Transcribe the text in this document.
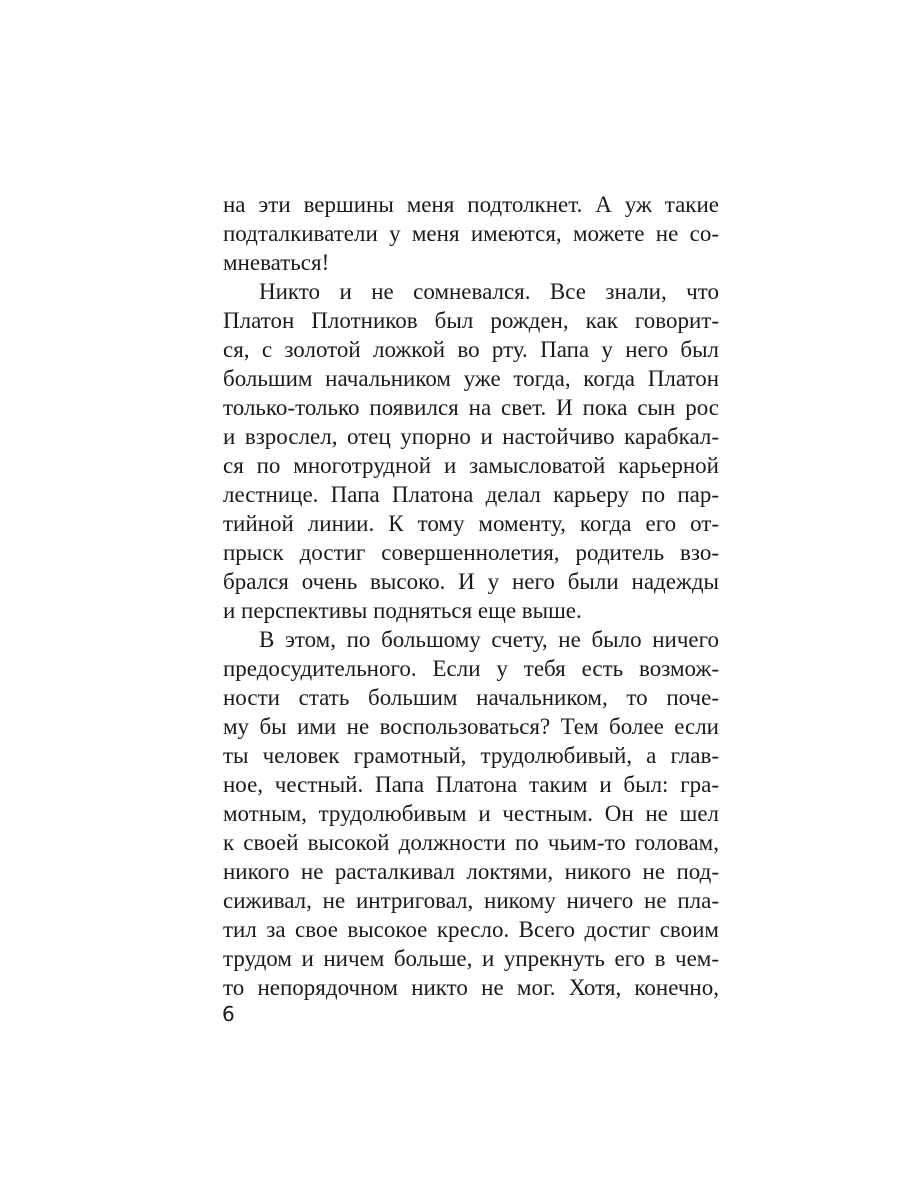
на эти вершины меня подтолкнет. А уж такие
подталкиватели у меня имеются, можете не со-
мневаться!
Никто и не сомневался. Все знали, что
Платон Плотников был рожден, как говорит-
ся, с золотой ложкой во рту. Папа у него был
большим начальником уже тогда, когда Платон
только-только появился на свет. И пока сын рос
и взрослел, отец упорно и настойчиво карабкал-
ся по многотрудной и замысловатой карьерной
лестнице. Папа Платона делал карьеру по пар-
тийной линии. К тому моменту, когда его от-
прыск достиг совершеннолетия, родитель взо-
брался очень высоко. И у него были надежды
и перспективы подняться еще выше.
В этом, по большому счету, не было ничего
предосудительного. Если у тебя есть возмож-
ности стать большим начальником, то поче-
му бы ими не воспользоваться? Тем более если
ты человек грамотный, трудолюбивый, а глав-
ное, честный. Папа Платона таким и был: гра-
мотным, трудолюбивым и честным. Он не шел
к своей высокой должности по чьим-то головам,
никого не расталкивал локтями, никого не под-
сиживал, не интриговал, никому ничего не пла-
тил за свое высокое кресло. Всего достиг своим
трудом и ничем больше, и упрекнуть его в чем-
то непорядочном никто не мог. Хотя, конечно,
6
